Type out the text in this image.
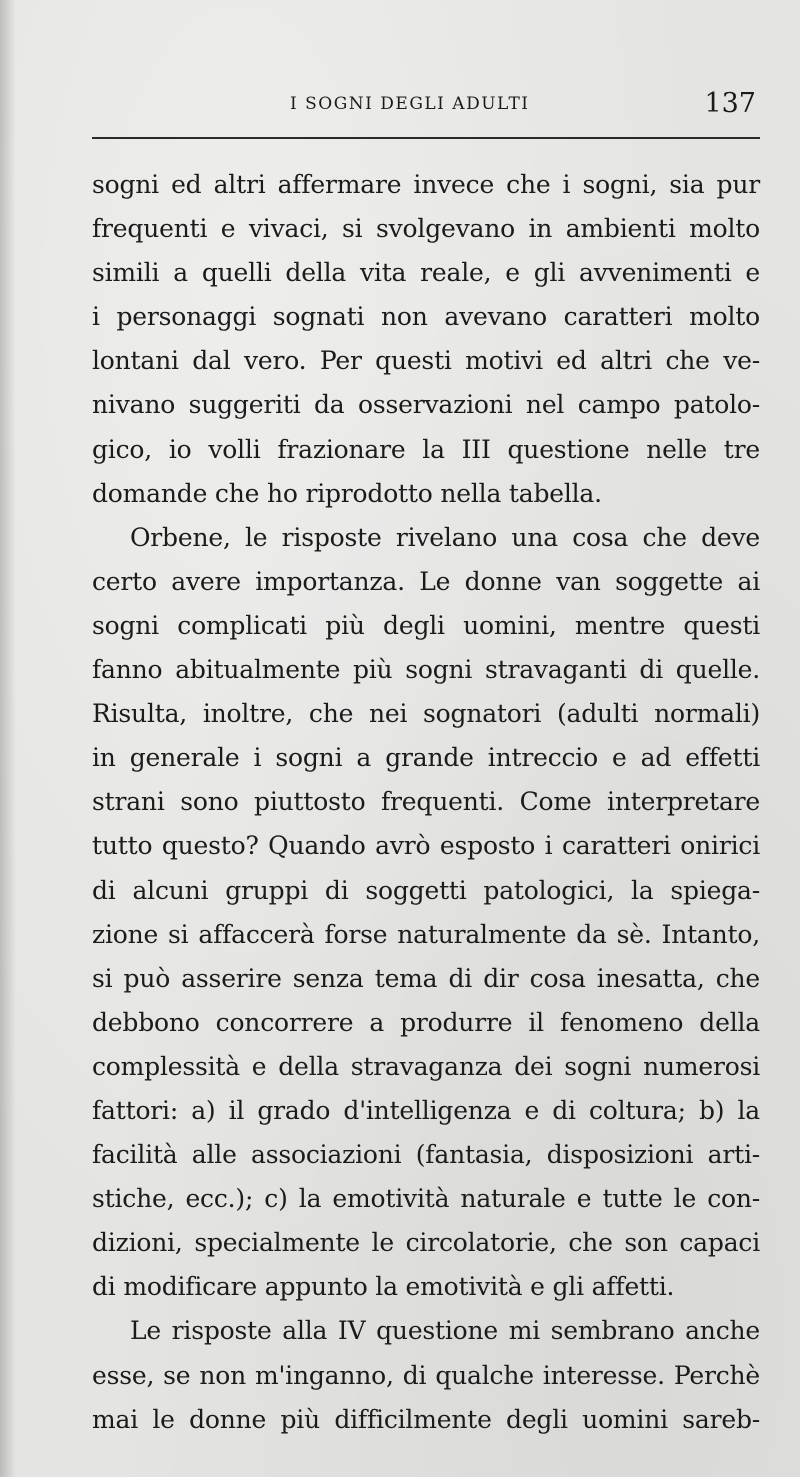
I SOGNI DEGLI ADULTI	137
sogni ed altri affermare invece che i sogni, sia pur
frequenti e vivaci, si svolgevano in ambienti molto
simili a quelli della vita reale, e gli avvenimenti e
i personaggi sognati non avevano caratteri molto
lontani dal vero. Per questi motivi ed altri che ve-
nivano suggeriti da osservazioni nel campo patolo-
gico, io volli frazionare la III questione nelle tre
domande che ho riprodotto nella tabella.
Orbene, le risposte rivelano una cosa che deve
certo avere importanza. Le donne van soggette ai
sogni complicati più degli uomini, mentre questi
fanno abitualmente più sogni stravaganti di quelle.
Risulta, inoltre, che nei sognatori (adulti normali)
in generale i sogni a grande intreccio e ad effetti
strani sono piuttosto frequenti. Come interpretare
tutto questo? Quando avrò esposto i caratteri onirici
di alcuni gruppi di soggetti patologici, la spiega-
zione si affaccerà forse naturalmente da sè. Intanto,
si può asserire senza tema di dir cosa inesatta, che
debbono concorrere a produrre il fenomeno della
complessità e della stravaganza dei sogni numerosi
fattori: a) il grado d'intelligenza e di coltura; b) la
facilità alle associazioni (fantasia, disposizioni arti-
stiche, ecc.); c) la emotività naturale e tutte le con-
dizioni, specialmente le circolatorie, che son capaci
di modificare appunto la emotività e gli affetti.
Le risposte alla IV questione mi sembrano anche
esse, se non m'inganno, di qualche interesse. Perchè
mai le donne più difficilmente degli uomini sareb-
